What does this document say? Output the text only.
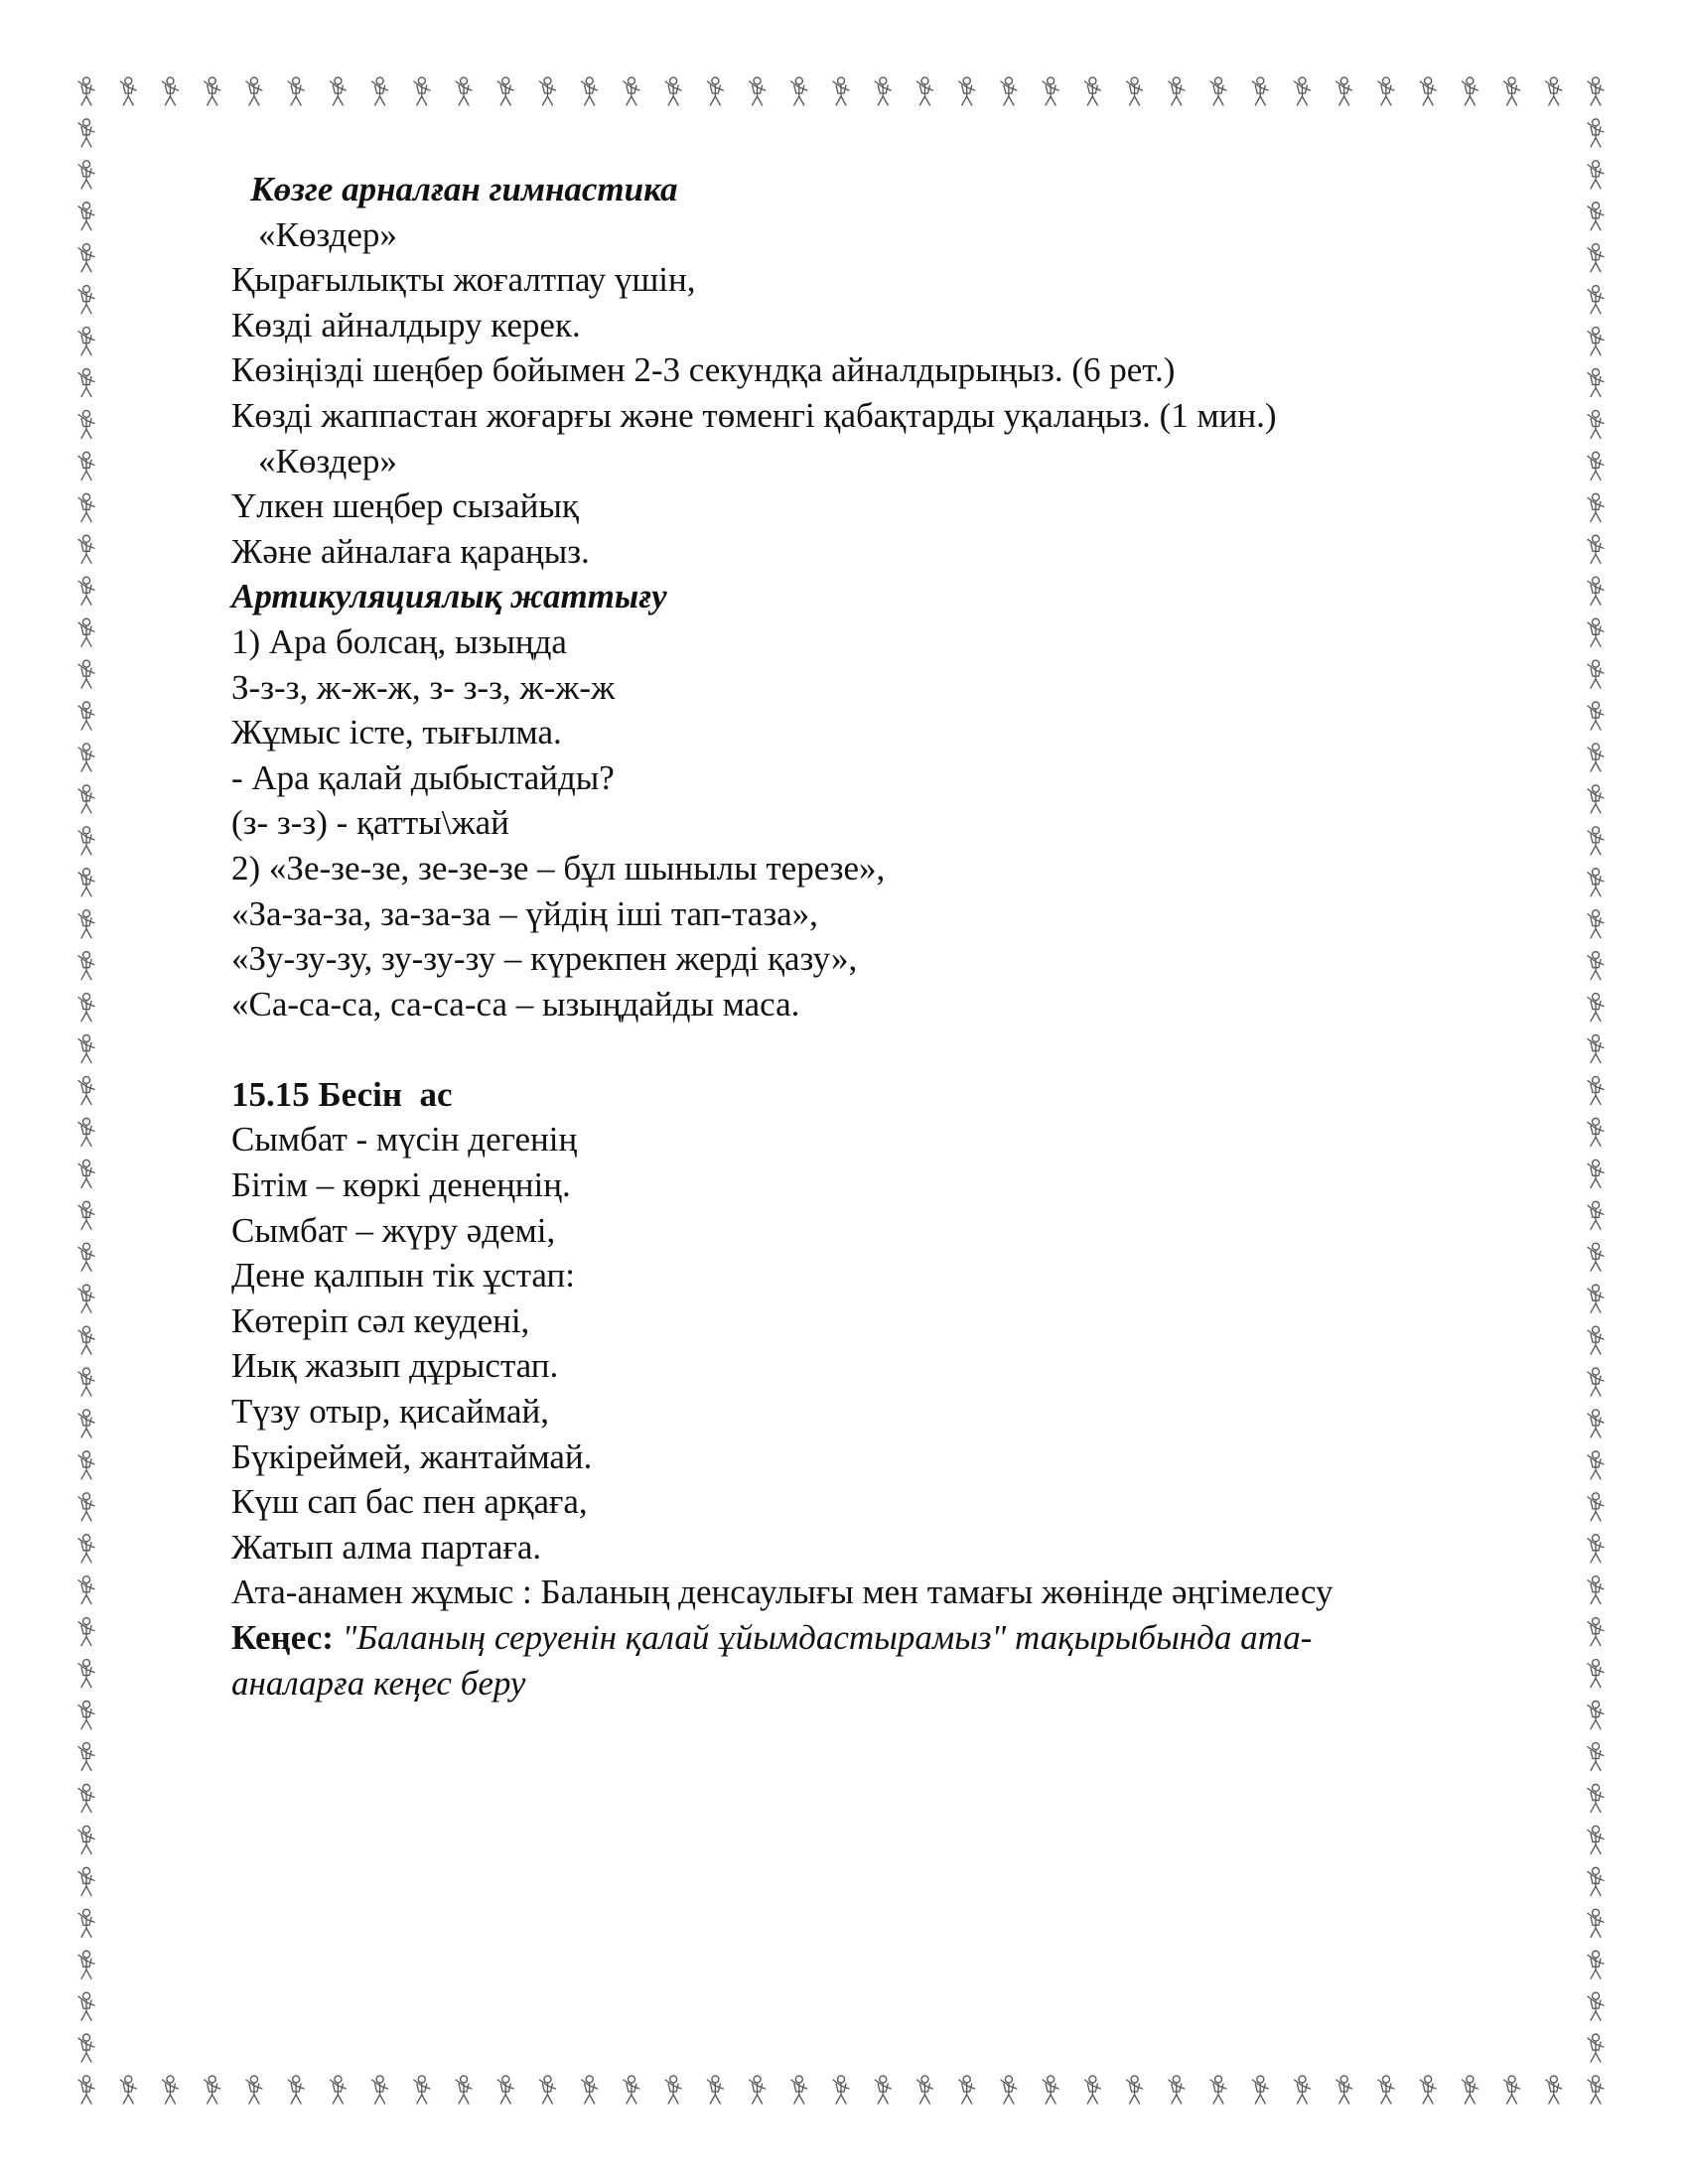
Көзге арналған гимнастика
«Көздер»
Қырағылықты жоғалтпау үшін,
Көзді айналдыру керек.
Көзіңізді шеңбер бойымен 2-3 секундқа айналдырыңыз. (6 рет.)
Көзді жаппастан жоғарғы және төменгі қабақтарды уқалаңыз. (1 мин.)
«Көздер»
Үлкен шеңбер сызайық
Және айналаға қараңыз.
Артикуляциялық жаттығу
1) Ара болсаң, ызыңда
З-з-з, ж-ж-ж, з- з-з, ж-ж-ж
Жұмыс істе, тығылма.
- Ара қалай дыбыстайды?
(з- з-з) - қатты\жай
2) «Зе-зе-зе, зе-зе-зе – бұл шынылы терезе»,
«За-за-за, за-за-за – үйдің іші тап-таза»,
«Зу-зу-зу, зу-зу-зу – күрекпен жерді қазу»,
«Са-са-са, са-са-са – ызыңдайды маса.
15.15 Бесін  ас
Сымбат - мүсін дегенің
Бітім – көркі денеңнің.
Сымбат – жүру әдемі,
Дене қалпын тік ұстап:
Көтеріп сәл кеудені,
Иық жазып дұрыстап.
Түзу отыр, қисаймай,
Бүкіреймей, жантаймай.
Күш сап бас пен арқаға,
Жатып алма партаға.
Ата-анамен жұмыс : Баланың денсаулығы мен тамағы жөнінде әңгімелесу
Кеңес: "Баланың серуенін қалай ұйымдастырамыз" тақырыбында ата-
аналарға кеңес беру
